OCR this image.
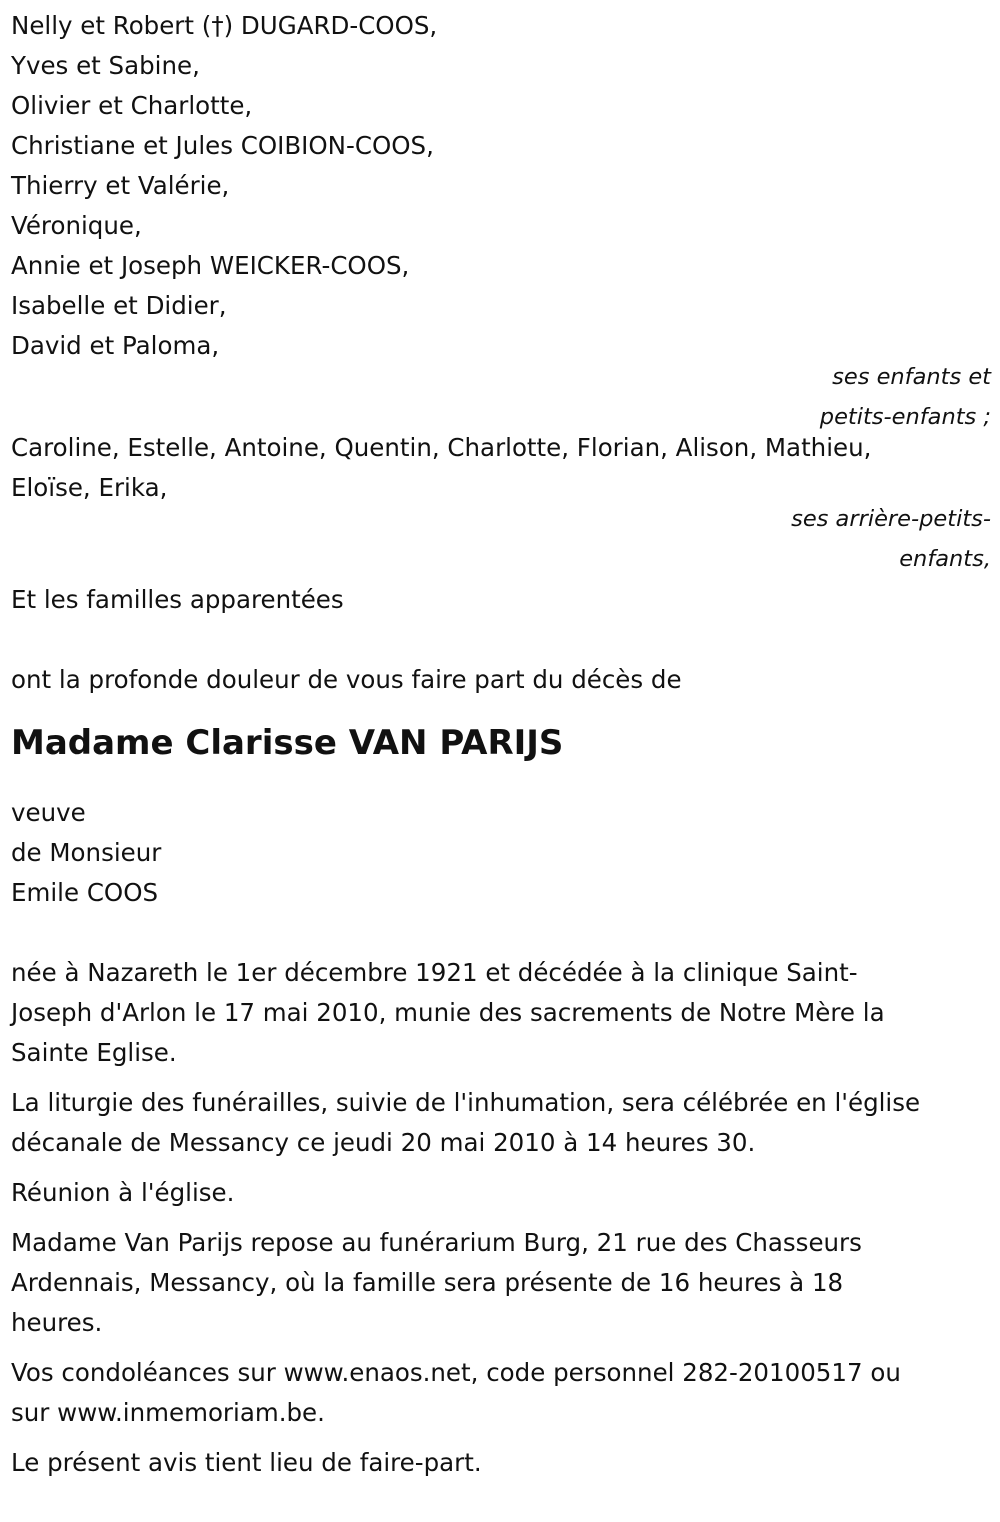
Nelly et Robert (†) DUGARD-COOS,
Yves et Sabine,
Olivier et Charlotte,
Christiane et Jules COIBION-COOS,
Thierry et Valérie,
Véronique,
Annie et Joseph WEICKER-COOS,
Isabelle et Didier,
David et Paloma,
ses enfants et
petits-enfants ;
Caroline, Estelle, Antoine, Quentin, Charlotte, Florian, Alison, Mathieu,
Eloïse, Erika,
ses arrière-petits-
enfants,
Et les familles apparentées
ont la profonde douleur de vous faire part du décès de
Madame Clarisse VAN PARIJS
veuve
de Monsieur
Emile COOS
née à Nazareth le 1er décembre 1921 et décédée à la clinique Saint-
Joseph d'Arlon le 17 mai 2010, munie des sacrements de Notre Mère la
Sainte Eglise.
La liturgie des funérailles, suivie de l'inhumation, sera célébrée en l'église
décanale de Messancy ce jeudi 20 mai 2010 à 14 heures 30.
Réunion à l'église.
Madame Van Parijs repose au funérarium Burg, 21 rue des Chasseurs
Ardennais, Messancy, où la famille sera présente de 16 heures à 18
heures.
Vos condoléances sur www.enaos.net, code personnel 282-20100517 ou
sur www.inmemoriam.be.
Le présent avis tient lieu de faire-part.
